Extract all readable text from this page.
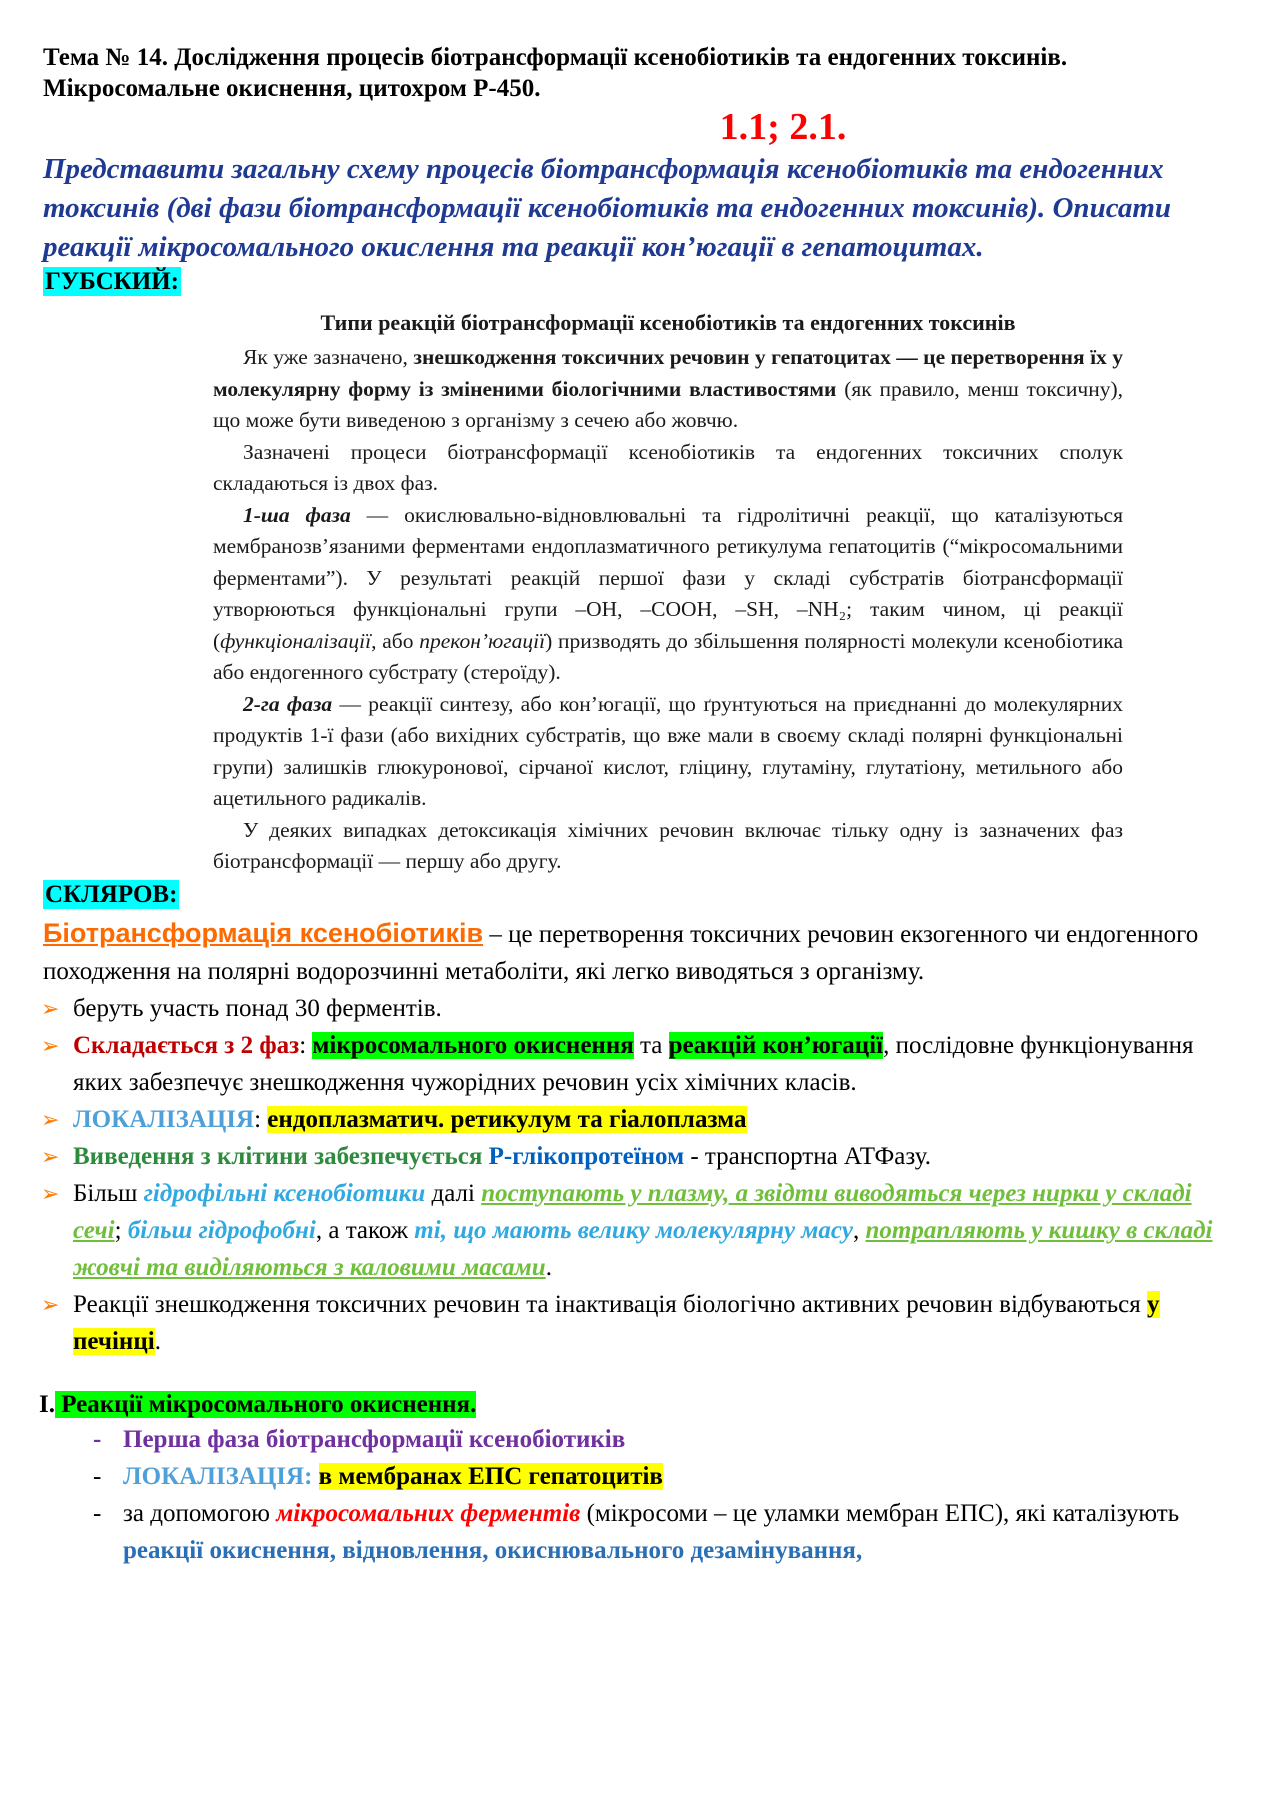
Тема № 14. Дослідження процесів біотрансформації ксенобіотиків та ендогенних токсинів. Мікросомальне окиснення, цитохром Р-450.

1.1; 2.1.

Представити загальну схему процесів біотрансформація ксенобіотиків та ендогенних токсинів (дві фази біотрансформації ксенобіотиків та ендогенних токсинів). Описати реакції мікросомального окислення та реакції кон’югації в гепатоцитах.

ГУБСКИЙ:
Типи реакцій біотрансформації ксенобіотиків та ендогенних токсинів

Як уже зазначено, знешкодження токсичних речовин у гепатоцитах — це перетворення їх у молекулярну форму із зміненими біологічними властивостями (як правило, менш токсичну), що може бути виведеною з організму з сечею або жовчю.

Зазначені процеси біотрансформації ксенобіотиків та ендогенних токсичних сполук складаються із двох фаз.

1-ша фаза — окислювально-відновлювальні та гідролітичні реакції, що каталізуються мембранозв’язаними ферментами ендоплазматичного ретикулума гепатоцитів (“мікросомальними ферментами”). У результаті реакцій першої фази у складі субстратів біотрансформації утворюються функціональні групи –ОН, –СООН, –SH, –NH₂; таким чином, ці реакції (функціоналізації, або прекон’югації) призводять до збільшення полярності молекули ксенобіотика або ендогенного субстрату (стероїду).

2-га фаза — реакції синтезу, або кон’югації, що ґрунтуються на приєднанні до молекулярних продуктів 1-ї фази (або вихідних субстратів, що вже мали в своєму складі полярні функціональні групи) залишків глюкуронової, сірчаної кислот, гліцину, глутаміну, глутатіону, метильного або ацетильного радикалів.

У деяких випадках детоксикація хімічних речовин включає тільку одну із зазначених фаз біотрансформації — першу або другу.

СКЛЯРОВ:

Біотрансформація ксенобіотиків – це перетворення токсичних речовин екзогенного чи ендогенного походження на полярні водорозчинні метаболіти, які легко виводяться з організму.

➢ беруть участь понад 30 ферментів.
➢ Складається з 2 фаз: мікросомального окиснення та реакцій кон’югації, послідовне функціонування яких забезпечує знешкодження чужорідних речовин усіх хімічних класів.
➢ ЛОКАЛІЗАЦІЯ: ендоплазматич. ретикулум та гіалоплазма
➢ Виведення з клітини забезпечується Р-глікопротеїном - транспортна АТФазу.
➢ Більш гідрофільні ксенобіотики далі поступають у плазму, а звідти виводяться через нирки у складі сечі; більш гідрофобні, а також ті, що мають велику молекулярну масу, потрапляють у кишку в складі жовчі та виділяються з каловими масами.
➢ Реакції знешкодження токсичних речовин та інактивація біологічно активних речовин відбуваються у печінці.

I. Реакції мікросомального окиснення.

- Перша фаза біотрансформації ксенобіотиків
- ЛОКАЛІЗАЦІЯ: в мембранах ЕПС гепатоцитів
- за допомогою мікросомальних ферментів (мікросоми – це уламки мембран ЕПС), які каталізують реакції окиснення, відновлення, окиснювального дезамінування,
